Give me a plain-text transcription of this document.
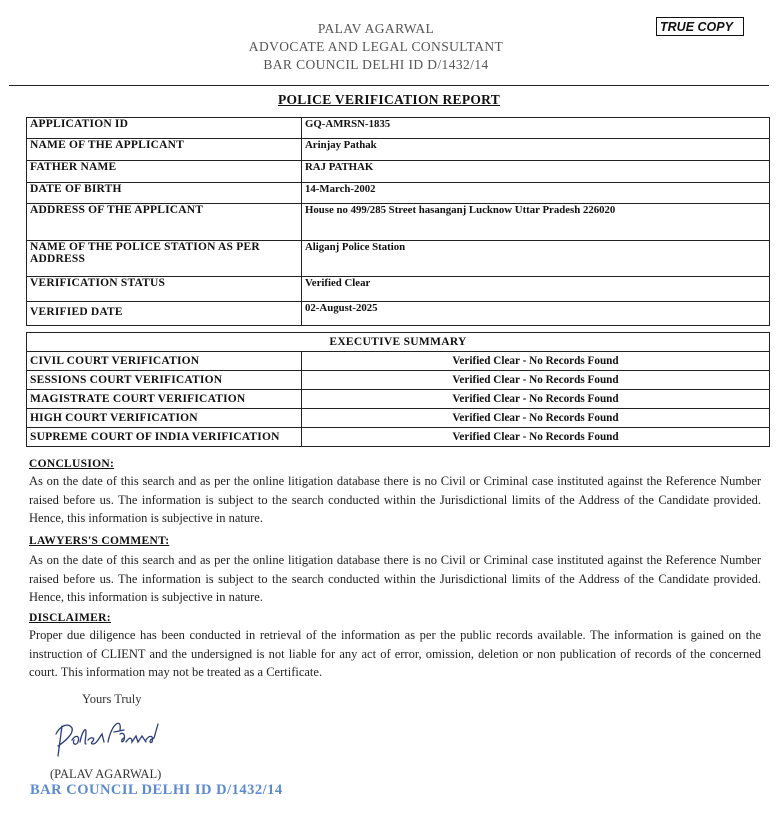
PALAV AGARWAL
ADVOCATE AND LEGAL CONSULTANT
BAR COUNCIL DELHI ID D/1432/14
TRUE COPY
POLICE VERIFICATION REPORT
APPLICATION ID	GQ-AMRSN-1835
NAME OF THE APPLICANT	Arinjay Pathak
FATHER NAME	RAJ PATHAK
DATE OF BIRTH	14-March-2002
ADDRESS OF THE APPLICANT	House no 499/285 Street hasanganj Lucknow Uttar Pradesh 226020
NAME OF THE POLICE STATION AS PER ADDRESS	Aliganj Police Station
VERIFICATION STATUS	Verified Clear
VERIFIED DATE	02-August-2025
EXECUTIVE SUMMARY	
CIVIL COURT VERIFICATION	Verified Clear - No Records Found
SESSIONS COURT VERIFICATION	Verified Clear - No Records Found
MAGISTRATE COURT VERIFICATION	Verified Clear - No Records Found
HIGH COURT VERIFICATION	Verified Clear - No Records Found
SUPREME COURT OF INDIA VERIFICATION	Verified Clear - No Records Found
CONCLUSION:
As on the date of this search and as per the online litigation database there is no Civil or Criminal case instituted against the Reference Number raised before us. The information is subject to the search conducted within the Jurisdictional limits of the Address of the Candidate provided. Hence, this information is subjective in nature.
LAWYERS'S COMMENT:
As on the date of this search and as per the online litigation database there is no Civil or Criminal case instituted against the Reference Number raised before us. The information is subject to the search conducted within the Jurisdictional limits of the Address of the Candidate provided. Hence, this information is subjective in nature.
DISCLAIMER:
Proper due diligence has been conducted in retrieval of the information as per the public records available. The information is gained on the instruction of CLIENT and the undersigned is not liable for any act of error, omission, deletion or non publication of records of the concerned court. This information may not be treated as a Certificate.
Yours Truly
(PALAV AGARWAL)
BAR COUNCIL DELHI ID D/1432/14
